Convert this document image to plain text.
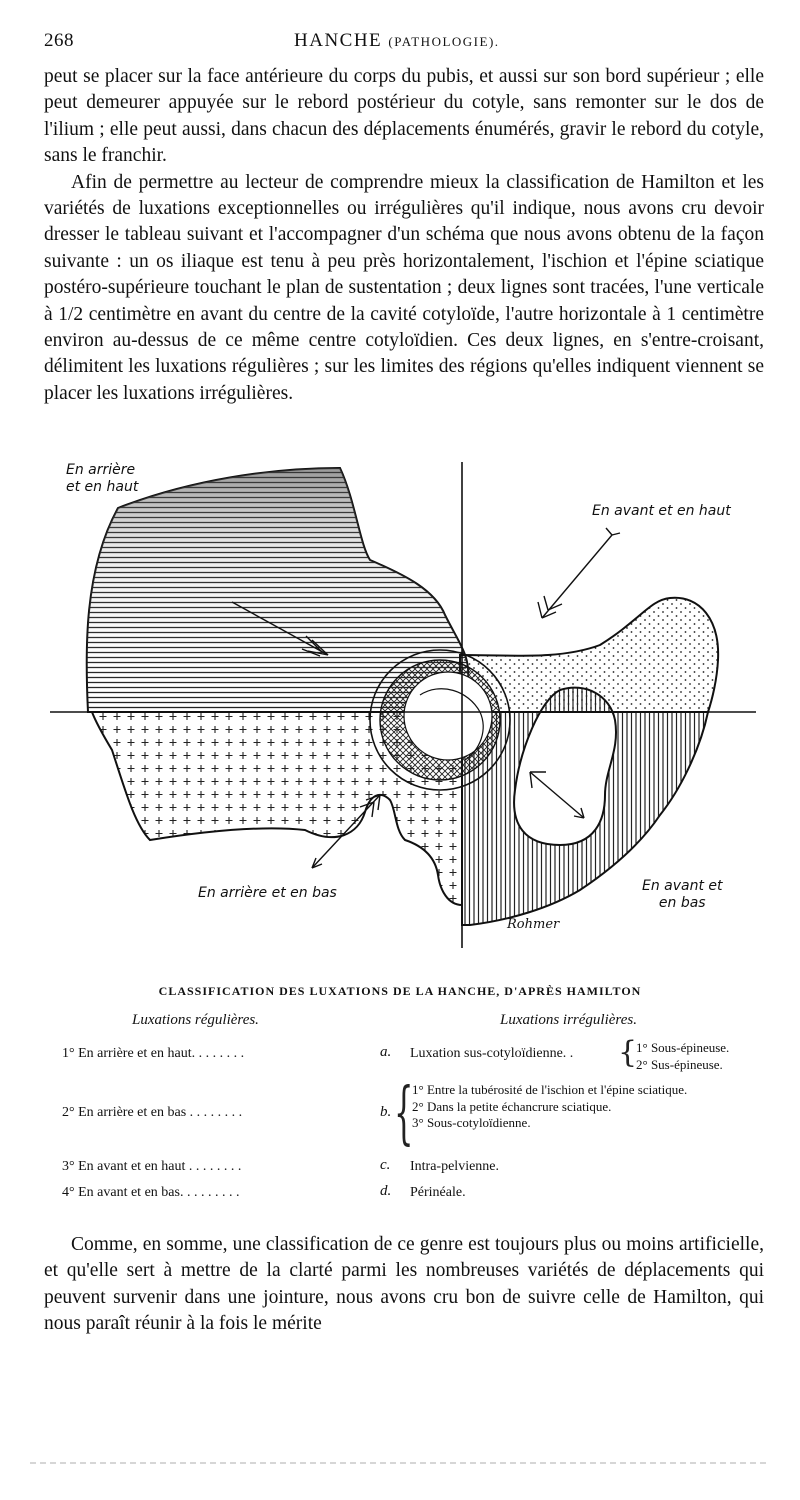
268	HANCHE (PATHOLOGIE).

peut se placer sur la face antérieure du corps du pubis, et aussi sur son bord supérieur ; elle peut demeurer appuyée sur le rebord postérieur du cotyle, sans remonter sur le dos de l'ilium ; elle peut aussi, dans chacun des déplacements énumérés, gravir le rebord du cotyle, sans le franchir.

Afin de permettre au lecteur de comprendre mieux la classification de Hamilton et les variétés de luxations exceptionnelles ou irrégulières qu'il indique, nous avons cru devoir dresser le tableau suivant et l'accompagner d'un schéma que nous avons obtenu de la façon suivante : un os iliaque est tenu à peu près horizontalement, l'ischion et l'épine sciatique postéro-supérieure touchant le plan de sustentation ; deux lignes sont tracées, l'une verticale à 1/2 centimètre en avant du centre de la cavité cotyloïde, l'autre horizontale à 1 centimètre environ au-dessus de ce même centre cotyloïdien. Ces deux lignes, en s'entre-croisant, délimitent les luxations régulières ; sur les limites des régions qu'elles indiquent viennent se placer les luxations irrégulières.

En arrière
et en haut
En avant et en haut
En arrière et en bas	En avant et
en bas
Rohmer
CLASSIFICATION DES LUXATIONS DE LA HANCHE, D'APRÈS HAMILTON
Luxations régulières.	Luxations irrégulières.
1° En arrière et en haut. . . . . . . .	a. Luxation sus-cotyloïdienne. . {
1° Sous-épineuse.
2° Sus-épineuse.
2° En arrière et en bas . . . . . . . .	b. {
1° Entre la tubérosité de l'ischion et l'épine sciatique.
2° Dans la petite échancrure sciatique.
3° Sous-cotyloïdienne.
3° En avant et en haut . . . . . . . .	c. Intra-pelvienne.
4° En avant et en bas. . . . . . . . .	d. Périnéale.

Comme, en somme, une classification de ce genre est toujours plus ou moins artificielle, et qu'elle sert à mettre de la clarté parmi les nombreuses variétés de déplacements qui peuvent survenir dans une jointure, nous avons cru bon de suivre celle de Hamilton, qui nous paraît réunir à la fois le mérite
